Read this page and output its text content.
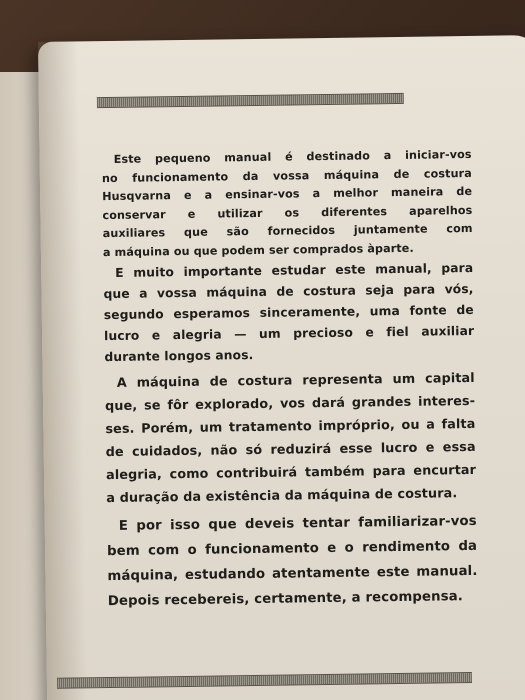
Este pequeno manual é destinado a iniciar-vos
no funcionamento da vossa máquina de costura
Husqvarna e a ensinar-vos a melhor maneira de
conservar e utilizar os diferentes aparelhos
auxiliares que são fornecidos juntamente com
a máquina ou que podem ser comprados àparte.
E muito importante estudar este manual, para
que a vossa máquina de costura seja para vós,
segundo esperamos sinceramente, uma fonte de
lucro e alegria — um precioso e fiel auxiliar
durante longos anos.
A máquina de costura representa um capital
que, se fôr explorado, vos dará grandes interes-
ses. Porém, um tratamento impróprio, ou a falta
de cuidados, não só reduzirá esse lucro e essa
alegria, como contribuirá também para encurtar
a duração da existência da máquina de costura.
E por isso que deveis tentar familiarizar-vos
bem com o funcionamento e o rendimento da
máquina, estudando atentamente este manual.
Depois recebereis, certamente, a recompensa.
